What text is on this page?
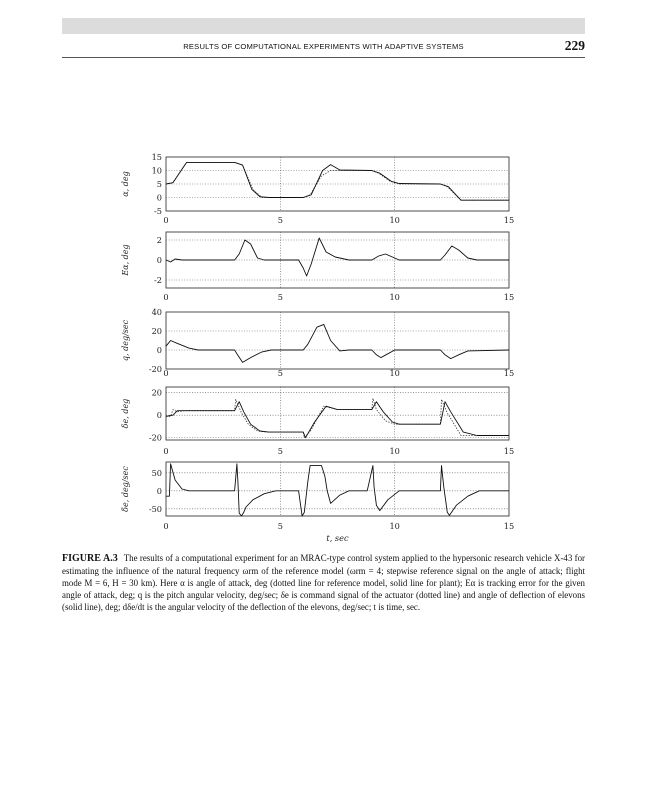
RESULTS OF COMPUTATIONAL EXPERIMENTS WITH ADAPTIVE SYSTEMS	229
15
10
5
0
-5
0	5	10	15
α, deg
2
0
-2
0	5	10	15
Eα, deg
40
20
0
-20 0	5	10	15
q, deg/sec
20
0
-20
0	5	10	15
δe, deg
50
0
-50
0	5	10	15
δ̇e, deg/sec
t, sec
FIGURE A.3 The results of a computational experiment for an MRAC-type control system applied to the hypersonic research vehicle X-43 for estimating the influence of the natural frequency ωrm of the reference model (ωrm = 4; stepwise reference signal on the angle of attack; flight mode M = 6, H = 30 km). Here α is angle of attack, deg (dotted line for reference model, solid line for plant); Eα is tracking error for the given angle of attack, deg; q is the pitch angular velocity, deg/sec; δe is command signal of the actuator (dotted line) and angle of deflection of elevons (solid line), deg; dδe/dt is the angular velocity of the deflection of the elevons, deg/sec; t is time, sec.
